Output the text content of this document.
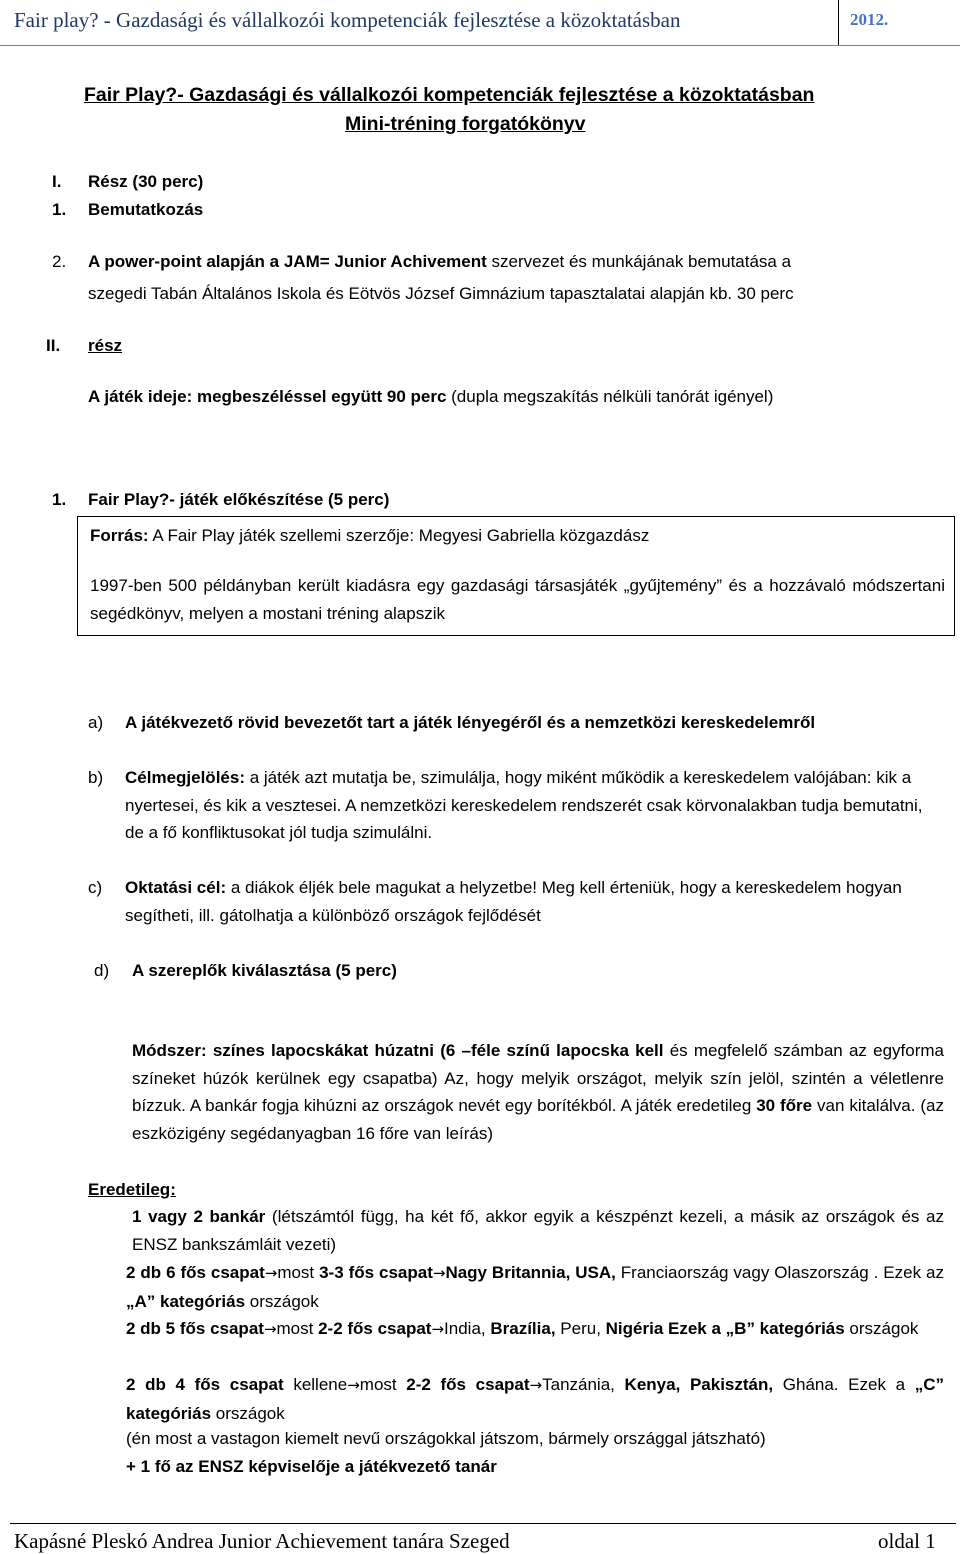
Fair play? - Gazdasági és vállalkozói kompetenciák fejlesztése a közoktatásban	2012.
Fair Play?- Gazdasági és vállalkozói kompetenciák fejlesztése a közoktatásban
Mini-tréning forgatókönyv
I. Rész (30 perc)
1. Bemutatkozás
2. A power-point alapján a JAM= Junior Achivement szervezet és munkájának bemutatása a
szegedi Tabán Általános Iskola és Eötvös József Gimnázium tapasztalatai alapján kb. 30 perc
II. rész
A játék ideje: megbeszéléssel együtt 90 perc (dupla megszakítás nélküli tanórát igényel)
1. Fair Play?- játék előkészítése (5 perc)
Forrás: A Fair Play játék szellemi szerzője: Megyesi Gabriella közgazdász
1997-ben 500 példányban került kiadásra egy gazdasági társasjáték „gyűjtemény” és a hozzávaló módszertani segédkönyv, melyen a mostani tréning alapszik
a) A játékvezető rövid bevezetőt tart a játék lényegéről és a nemzetközi kereskedelemről
b) Célmegjelölés: a játék azt mutatja be, szimulálja, hogy miként működik a kereskedelem valójában: kik a nyertesei, és kik a vesztesei. A nemzetközi kereskedelem rendszerét csak körvonalakban tudja bemutatni, de a fő konfliktusokat jól tudja szimulálni.
c) Oktatási cél: a diákok éljék bele magukat a helyzetbe! Meg kell érteniük, hogy a kereskedelem hogyan segítheti, ill. gátolhatja a különböző országok fejlődését
d) A szereplők kiválasztása (5 perc)
Módszer: színes lapocskákat húzatni (6 –féle színű lapocska kell és megfelelő számban az egyforma színeket húzók kerülnek egy csapatba) Az, hogy melyik országot, melyik szín jelöl, szintén a véletlenre bízzuk. A bankár fogja kihúzni az országok nevét egy borítékból. A játék eredetileg 30 főre van kitalálva. (az eszközigény segédanyagban 16 főre van leírás)
Eredetileg:
1 vagy 2 bankár (létszámtól függ, ha két fő, akkor egyik a készpénzt kezeli, a másik az országok és az ENSZ bankszámláit vezeti)
2 db 6 fős csapat→most 3-3 fős csapat→Nagy Britannia, USA, Franciaország vagy Olaszország . Ezek az „A” kategóriás országok
2 db 5 fős csapat→most 2-2 fős csapat→India, Brazília, Peru, Nigéria Ezek a „B” kategóriás országok
2 db 4 fős csapat kellene→most 2-2 fős csapat→Tanzánia, Kenya, Pakisztán, Ghána. Ezek a „C” kategóriás országok
(én most a vastagon kiemelt nevű országokkal játszom, bármely országgal játszható)
+ 1 fő az ENSZ képviselője a játékvezető tanár
Kapásné Pleskó Andrea Junior Achievement tanára Szeged	oldal 1
